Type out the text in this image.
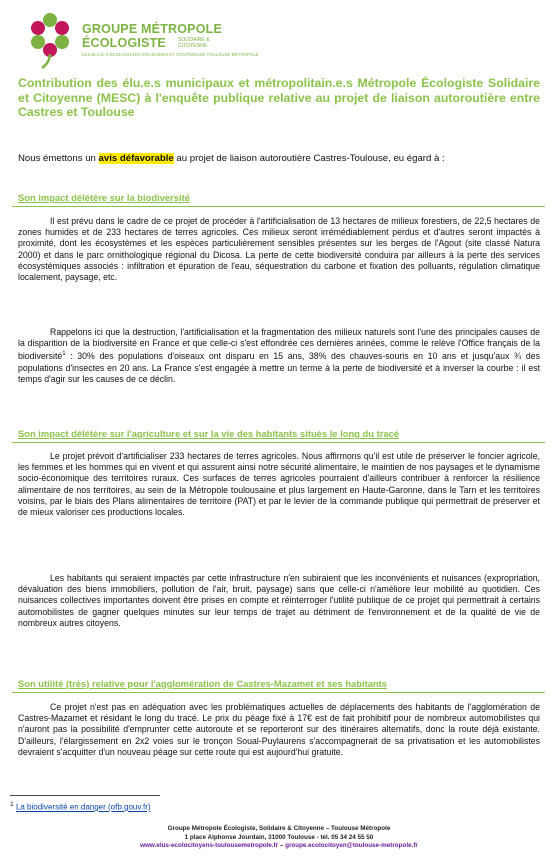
GROUPE MÉTROPOLE
ÉCOLOGISTE SOLIDAIRE & CITOYENNE
LES ÉLU.E.S ÉCOLOGISTES SOLIDAIRES ET CITOYENS DE TOULOUSE MÉTROPOLE
Contribution des élu.e.s municipaux et métropolitain.e.s Métropole Écologiste Solidaire et Citoyenne (MESC) à l'enquête publique relative au projet de liaison autoroutière entre Castres et Toulouse
Nous émettons un avis défavorable au projet de liaison autoroutière Castres-Toulouse, eu égard à :
Son impact délétère sur la biodiversité

Il est prévu dans le cadre de ce projet de procéder à l'artificialisation de 13 hectares de milieux forestiers, de 22,5 hectares de zones humides et de 233 hectares de terres agricoles. Ces milieux seront irrémédiablement perdus et d'autres seront impactés à proximité, dont les écosystèmes et les espèces particulièrement sensibles présentes sur les berges de l'Agout (site classé Natura 2000) et dans le parc ornithologique régional du Dicosa. La perte de cette biodiversité conduira par ailleurs à la perte des services écosystémiques associés : infiltration et épuration de l'eau, séquestration du carbone et fixation des polluants, régulation climatique localement, paysage, etc.

Rappelons ici que la destruction, l'artificialisation et la fragmentation des milieux naturels sont l'une des principales causes de la disparition de la biodiversité en France et que celle-ci s'est effondrée ces dernières années, comme le relève l'Office français de la biodiversité$^1$ : 30% des populations d'oiseaux ont disparu en 15 ans, 38% des chauves-souris en 10 ans et jusqu'aux ¾ des populations d'insectes en 20 ans. La France s'est engagée à mettre un terme à la perte de biodiversité et à inverser la courbe : il est temps d'agir sur les causes de ce déclin.

Son impact délétère sur l'agriculture et sur la vie des habitants situés le long du tracé

Le projet prévoit d'artificialiser 233 hectares de terres agricoles. Nous affirmons qu'il est utile de préserver le foncier agricole, les femmes et les hommes qui en vivent et qui assurent ainsi notre sécurité alimentaire, le maintien de nos paysages et le dynamisme socio-économique des territoires ruraux. Ces surfaces de terres agricoles pourraient d'ailleurs contribuer à renforcer la résilience alimentaire de nos territoires, au sein de la Métropole toulousaine et plus largement en Haute-Garonne, dans le Tarn et les territoires voisins, par le biais des Plans alimentaires de territoire (PAT) et par le levier de la commande publique qui permettrait de préserver et de mieux valoriser ces productions locales.

Les habitants qui seraient impactés par cette infrastructure n'en subiraient que les inconvénients et nuisances (expropriation, dévaluation des biens immobiliers, pollution de l'air, bruit, paysage) sans que celle-ci n'améliore leur mobilité au quotidien. Ces nuisances collectives importantes doivent être prises en compte et réinterroger l'utilité publique de ce projet qui permettrait à certains automobilistes de gagner quelques minutes sur leur temps de trajet au détriment de l'environnement et de la qualité de vie de nombreux autres citoyens.

Son utilité (très) relative pour l'agglomération de Castres-Mazamet et ses habitants

Ce projet n'est pas en adéquation avec les problématiques actuelles de déplacements des habitants de l'agglomération de Castres-Mazamet et résidant le long du tracé. Le prix du péage fixé à 17€ est de fait prohibitif pour de nombreux automobilistes qui n'auront pas la possibilité d'emprunter cette autoroute et se reporteront sur des itinéraires alternatifs, donc la route déjà existante. D'ailleurs, l'élargissement en 2x2 voies sur le tronçon Soual-Puylaurens s'accompagnerait de sa privatisation et les automobilistes devraient s'acquitter d'un nouveau péage sur cette route qui est aujourd'hui gratuite.

$^1$ La biodiversité en danger (ofb.gouv.fr)
Groupe Métropole Écologiste, Solidaire & Citoyenne – Toulouse Métropole
1 place Alphonse Jourdain, 31000 Toulouse - tél. 05 34 24 55 50
www.elus-ecolocitoyens-toulousemetropole.fr – groupe.ecolocitoyen@toulouse-metropole.fr
